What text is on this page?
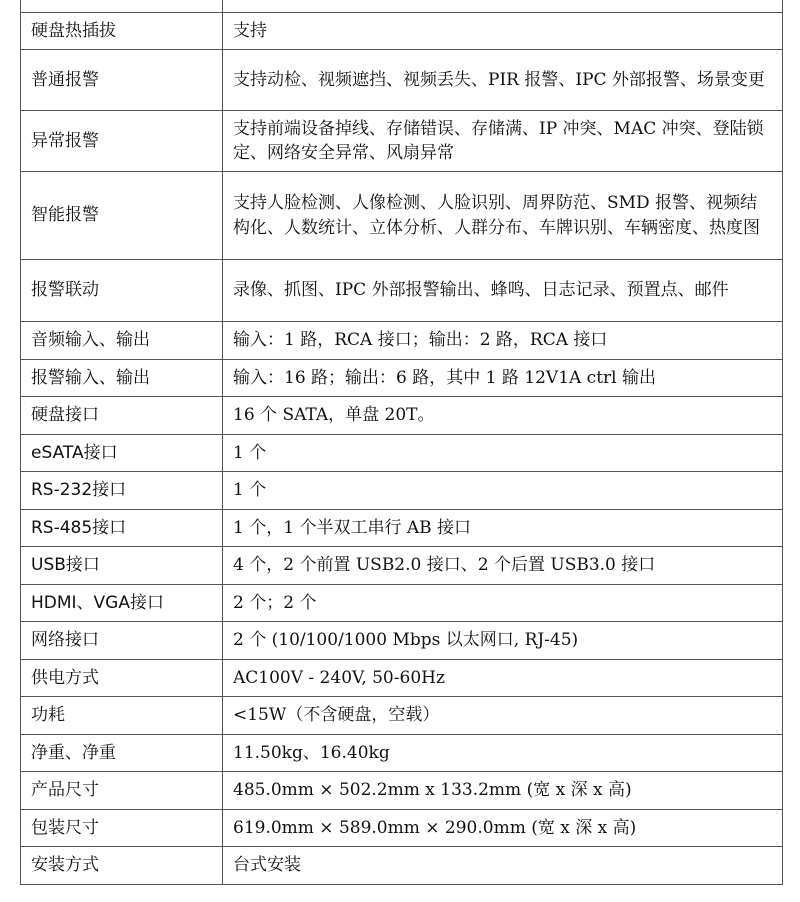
硬盘热插拔	支持
普通报警	支持动检、视频遮挡、视频丢失、PIR 报警、IPC 外部报警、场景变更
异常报警	支持前端设备掉线、存储错误、存储满、IP 冲突、MAC 冲突、登陆锁定、网络安全异常、风扇异常
智能报警	支持人脸检测、人像检测、人脸识别、周界防范、SMD 报警、视频结构化、人数统计、立体分析、人群分布、车牌识别、车辆密度、热度图
报警联动	录像、抓图、IPC 外部报警输出、蜂鸣、日志记录、预置点、邮件
音频输入、输出	输入：1 路，RCA 接口；输出：2 路，RCA 接口
报警输入、输出	输入：16 路；输出：6 路，其中 1 路 12V1A ctrl 输出
硬盘接口	16 个 SATA，单盘 20T。
eSATA接口	1 个
RS-232接口	1 个
RS-485接口	1 个，1 个半双工串行 AB 接口
USB接口	4 个，2 个前置 USB2.0 接口、2 个后置 USB3.0 接口
HDMI、VGA接口	2 个；2 个
网络接口	2 个 (10/100/1000 Mbps 以太网口, RJ-45)
供电方式	AC100V - 240V, 50-60Hz
功耗	<15W（不含硬盘，空载）
净重、净重	11.50kg、16.40kg
产品尺寸	485.0mm × 502.2mm x 133.2mm (宽 x 深 x 高)
包装尺寸	619.0mm × 589.0mm × 290.0mm (宽 x 深 x 高)
安装方式	台式安装
